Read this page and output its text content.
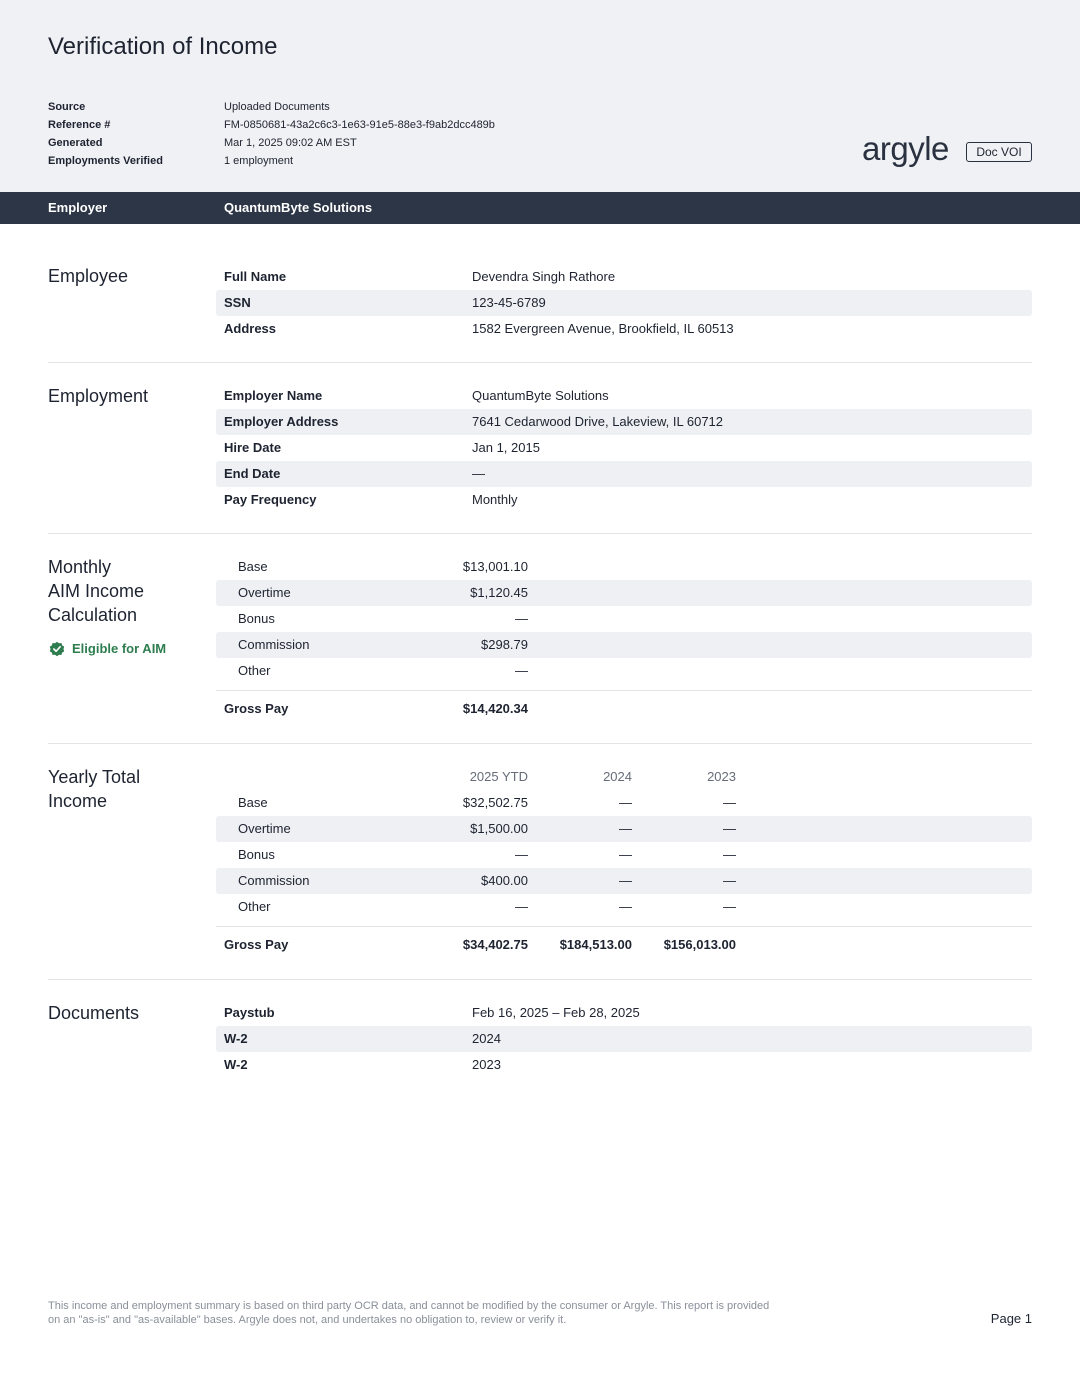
Verification of Income
Source	Uploaded Documents
Reference #	FM-0850681-43a2c6c3-1e63-91e5-88e3-f9ab2dcc489b
Generated	Mar 1, 2025 09:02 AM EST
Employments Verified	1 employment	argyle	Doc VOI
Employer	QuantumByte Solutions
Employee	Full Name	Devendra Singh Rathore
SSN	123-45-6789
Address	1582 Evergreen Avenue, Brookfield, IL 60513
Employment	Employer Name	QuantumByte Solutions
Employer Address	7641 Cedarwood Drive, Lakeview, IL 60712
Hire Date	Jan 1, 2015
End Date	—
Pay Frequency	Monthly
Monthly
AIM Income
Calculation
Eligible for AIM
Base	$13,001.10
Overtime	$1,120.45
Bonus	—
Commission	$298.79
Other	—
Gross Pay	$14,420.34
Yearly Total
Income
2025 YTD	2024	2023
Base	$32,502.75	—	—
Overtime	$1,500.00	—	—
Bonus	—	—	—
Commission	$400.00	—	—
Other	—	—	—
Gross Pay	$34,402.75	$184,513.00	$156,013.00
Documents	Paystub	Feb 16, 2025 – Feb 28, 2025
W-2	2024
W-2	2023
This income and employment summary is based on third party OCR data, and cannot be modified by the consumer or Argyle. This report is provided on an "as-is" and "as-available" bases. Argyle does not, and undertakes no obligation to, review or verify it.	Page 1
